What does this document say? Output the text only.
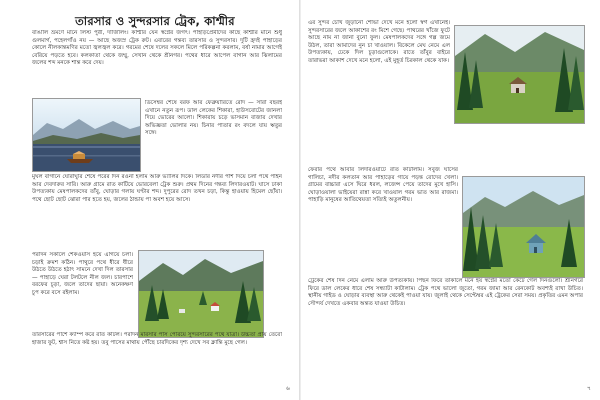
তারসার ও সুন্দরসার ট্রেক, কাশ্মীর
বাঙালি ভ্রমণে মানে লিস্ট পুরী, দার্জিলিং। কাশ্মীর যেন স্বপ্নের জগৎ। পাহাড়প্রেমীদের কাছে কাশ্মীর মানে শুধু গুলমার্গ, পহেলগাঁও নয় — আছে অজস্র ট্রেক রুট। এবারের গন্তব্য তারসার ও সুন্দরসার। দুটি হ্রদই পাহাড়ের কোলে নীলকান্তমণির মতো জ্বলজ্বল করে। গরমের শেষে দলের সকলে মিলে পরিকল্পনা করলাম, বর্ষা নামার আগেই বেরিয়ে পড়তে হবে। কলকাতা থেকে জম্মু, সেখান থেকে শ্রীনগর। পথের ধারে আপেল বাগান আর ঝিলামের জলের শব্দ মনকে শান্ত করে দেয়।
ডিসেম্বর শেষে বরফ আর ফেব্রুয়ারিতে রোদ — সারা বছরই এখানে নতুন রূপ। ডাল লেকের শিকারা, হাউসবোটের জানলা দিয়ে ভোরের আলো। শিকারায় চড়ে ভাসমান বাজার দেখার অভিজ্ঞতা ভোলার নয়। চিনার পাতার রং বদলে যায় ঋতুর সঙ্গে।
মুঘল বাগানে ঘোরাঘুরি শেষে পরের দিন রওনা হলাম আরু ভ্যালির দিকে। লিডার নদীর পাশ দিয়ে চলা পথে পাইন আর দেবদারুর সারি। আরু গ্রামে রাত কাটিয়ে ভোরবেলা ট্রেক শুরু। প্রথম দিনের গন্তব্য লিদারওয়াট। ঘাসে ঢাকা উপত্যকায় মেষপালকদের তাঁবু, ঘোড়ার গলায় ঘণ্টার শব্দ। দুপুরের রোদ তখন চড়া, কিন্তু হাওয়ায় হিমেল ছোঁয়া। পথে ছোট ছোট ঝোরা পার হতে হয়, জলের ঠান্ডায় পা অবশ হয়ে আসে।
পরদিন সকালে শেকওয়াস হয়ে এগিয়ে চলা। চড়াই ক্রমশ কঠিন। পাথুরে পথে ধীরে ধীরে উঠতে উঠতে হঠাৎ সামনে দেখা দিল তারসার — পাহাড়ে ঘেরা টলটলে নীল জল। চারপাশে বরফের চূড়া, জলে তাদের ছায়া। অনেকক্ষণ চুপ করে বসে রইলাম।
তারসারের পাশে ক্যাম্প করে রাত কাটল। পরদিন মারসার পাস পেরিয়ে সুন্দরসারের পথে যাত্রা। উচ্চতা প্রায় তেরো হাজার ফুট, শ্বাস নিতে কষ্ট হয়। তবু পাসের মাথায় পৌঁছে চারদিকের দৃশ্য দেখে সব ক্লান্তি মুছে গেল।
৬
এর সুন্দর চোখ জুড়ানো শোভা দেখে মনে হলো স্বর্গ এখানেই। সুন্দরসারের জলে আকাশের রং মিশে গেছে। পাথরের খাঁজে ফুটে আছে নাম না জানা বুনো ফুল। মেষপালকদের সঙ্গে গল্প জমে উঠল, তারা আমাদের নুন চা খাওয়াল। বিকেলে মেঘ নেমে এল উপত্যকায়, ঢেকে দিল চূড়াগুলোকে। রাতে তাঁবুর বাইরে তারাভরা আকাশ দেখে মনে হলো, এই মুহূর্ত চিরকাল থেকে যাক।
ফেরার পথে আবার লিদারওয়াটে রাত কাটালাম। সবুজ ঘাসের গালিচা, নদীর কলতান আর পাহাড়ের গায়ে পড়ন্ত রোদের খেলা। গ্রামের বাচ্চারা এসে ঘিরে ধরল, লজেন্স পেয়ে তাদের মুখে হাসি। ঘোড়াওয়ালা ভাইয়েরা রান্না করে খাওয়াল গরম ভাত আর রাজমা। পাহাড়ি মানুষের আতিথেয়তা সত্যিই অতুলনীয়।
ট্রেকের শেষ দিন নেমে এলাম আরু উপত্যকায়। পিছন ফিরে তাকালে মনে হয় স্বপ্নের মতো কেটে গেল দিনগুলো। শ্রীনগরে ফিরে ডাল লেকের ধারে শেষ সন্ধ্যাটা কাটালাম। ট্রেক পথে ভালো জুতো, গরম জামা আর রেনকোট অবশ্যই রাখা উচিত। স্থানীয় গাইড ও ঘোড়ার ব্যবস্থা আরু থেকেই পাওয়া যায়। জুলাই থেকে সেপ্টেম্বর এই ট্রেকের সেরা সময়। প্রকৃতির এমন অপার সৌন্দর্য দেখতে একবার অন্তত যাওয়া উচিত।
৭
